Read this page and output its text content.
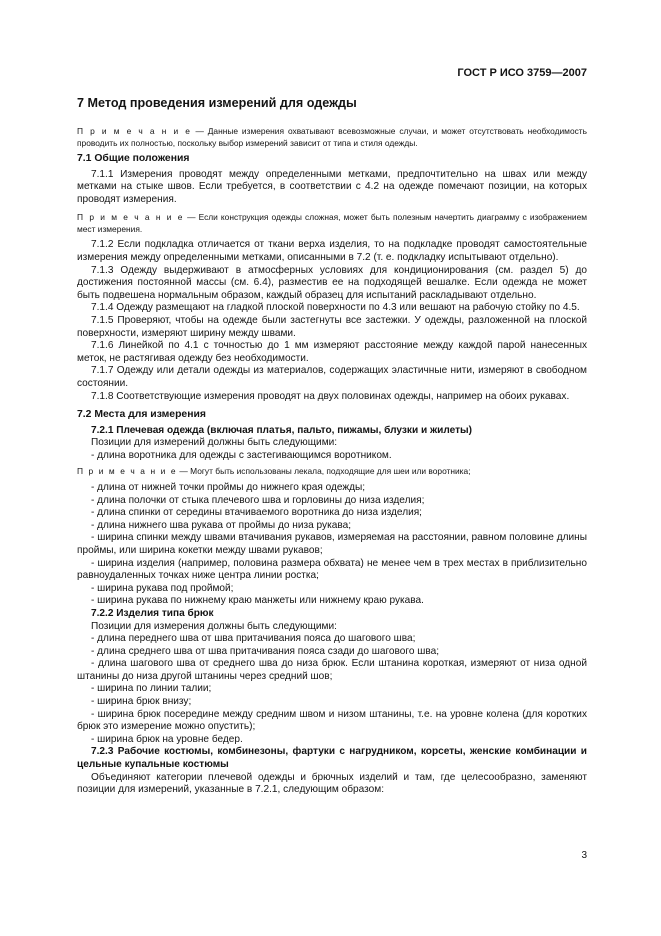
ГОСТ Р ИСО 3759—2007
7 Метод проведения измерений для одежды

П р и м е ч а н и е — Данные измерения охватывают всевозможные случаи, и может отсутствовать необходимость проводить их полностью, поскольку выбор измерений зависит от типа и стиля одежды.

7.1 Общие положения

7.1.1 Измерения проводят между определенными метками, предпочтительно на швах или между метками на стыке швов. Если требуется, в соответствии с 4.2 на одежде помечают позиции, на которых проводят измерения.

П р и м е ч а н и е — Если конструкция одежды сложная, может быть полезным начертить диаграмму с изображением мест измерения.

7.1.2 Если подкладка отличается от ткани верха изделия, то на подкладке проводят самостоятельные измерения между определенными метками, описанными в 7.2 (т. е. подкладку испытывают отдельно).

7.1.3 Одежду выдерживают в атмосферных условиях для кондиционирования (см. раздел 5) до достижения постоянной массы (см. 6.4), разместив ее на подходящей вешалке. Если одежда не может быть подвешена нормальным образом, каждый образец для испытаний раскладывают отдельно.

7.1.4 Одежду размещают на гладкой плоской поверхности по 4.3 или вешают на рабочую стойку по 4.5.

7.1.5 Проверяют, чтобы на одежде были застегнуты все застежки. У одежды, разложенной на плоской поверхности, измеряют ширину между швами.

7.1.6 Линейкой по 4.1 с точностью до 1 мм измеряют расстояние между каждой парой нанесенных меток, не растягивая одежду без необходимости.

7.1.7 Одежду или детали одежды из материалов, содержащих эластичные нити, измеряют в свободном состоянии.

7.1.8 Соответствующие измерения проводят на двух половинах одежды, например на обоих рукавах.

7.2 Места для измерения

7.2.1 Плечевая одежда (включая платья, пальто, пижамы, блузки и жилеты)

Позиции для измерений должны быть следующими:

- длина воротника для одежды с застегивающимся воротником.

П р и м е ч а н и е — Могут быть использованы лекала, подходящие для шеи или воротника;

- длина от нижней точки проймы до нижнего края одежды;

- длина полочки от стыка плечевого шва и горловины до низа изделия;

- длина спинки от середины втачиваемого воротника до низа изделия;

- длина нижнего шва рукава от проймы до низа рукава;

- ширина спинки между швами втачивания рукавов, измеряемая на расстоянии, равном половине длины проймы, или ширина кокетки между швами рукавов;

- ширина изделия (например, половина размера обхвата) не менее чем в трех местах в приблизительно равноудаленных точках ниже центра линии ростка;

- ширина рукава под проймой;

- ширина рукава по нижнему краю манжеты или нижнему краю рукава.

7.2.2 Изделия типа брюк

Позиции для измерения должны быть следующими:

- длина переднего шва от шва притачивания пояса до шагового шва;

- длина среднего шва от шва притачивания пояса сзади до шагового шва;

- длина шагового шва от среднего шва до низа брюк. Если штанина короткая, измеряют от низа одной штанины до низа другой штанины через средний шов;

- ширина по линии талии;

- ширина брюк внизу;

- ширина брюк посередине между средним швом и низом штанины, т.е. на уровне колена (для коротких брюк это измерение можно опустить);

- ширина брюк на уровне бедер.

7.2.3 Рабочие костюмы, комбинезоны, фартуки с нагрудником, корсеты, женские комбинации и цельные купальные костюмы

Объединяют категории плечевой одежды и брючных изделий и там, где целесообразно, заменяют позиции для измерений, указанные в 7.2.1, следующим образом:

3
